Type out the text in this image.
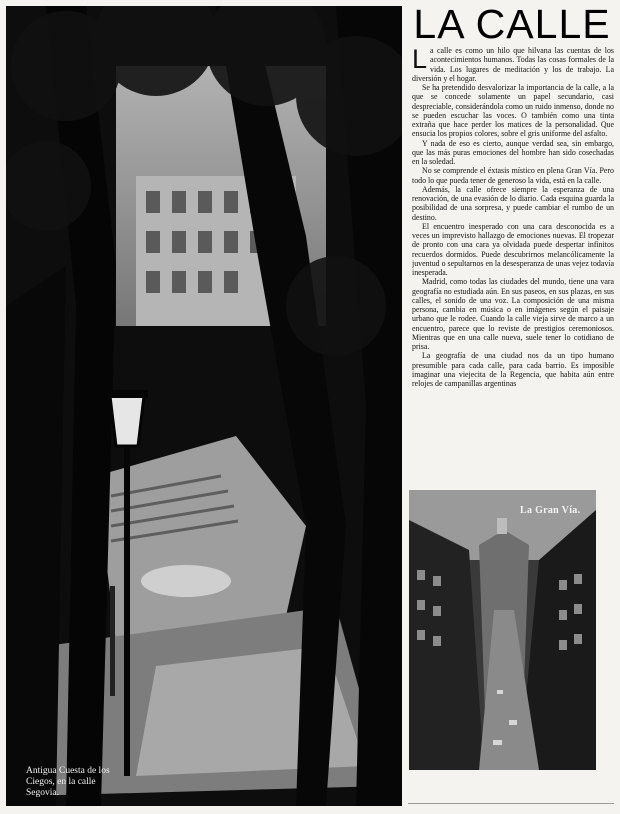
Antigua Cuesta de los Ciegos, en la calle Segovia.
LA CALLE

La calle es como un hilo que hilvana las cuentas de los acontecimientos humanos. Todas las cosas formales de la vida. Los lugares de meditación y los de trabajo. La diversión y el hogar.

Se ha pretendido desvalorizar la importancia de la calle, a la que se concede solamente un papel secundario, casi despreciable, considerándola como un ruido inmenso, donde no se pueden escuchar las voces. O también como una tinta extraña que hace perder los matices de la personalidad. Que ensucia los propios colores, sobre el gris uniforme del asfalto.

Y nada de eso es cierto, aunque verdad sea, sin embargo, que las más puras emociones del hombre han sido cosechadas en la soledad.

No se comprende el éxtasis místico en plena Gran Vía. Pero todo lo que pueda tener de generoso la vida, está en la calle.

Además, la calle ofrece siempre la esperanza de una renovación, de una evasión de lo diario. Cada esquina guarda la posibilidad de una sorpresa, y puede cambiar el rumbo de un destino.

El encuentro inesperado con una cara desconocida es a veces un imprevisto hallazgo de emociones nuevas. El tropezar de pronto con una cara ya olvidada puede despertar infinitos recuerdos dormidos. Puede descubrirnos melancólicamente la juventud o sepultarnos en la desesperanza de unas vejez todavía inesperada.

Madrid, como todas las ciudades del mundo, tiene una vara geografía no estudiada aún. En sus paseos, en sus plazas, en sus calles, el sonido de una voz. La composición de una misma persona, cambia en música o en imágenes según el paisaje urbano que le rodee. Cuando la calle vieja sirve de marco a un encuentro, parece que lo reviste de prestigios ceremoniosos. Mientras que en una calle nueva, suele tener lo cotidiano de prisa.

La geografía de una ciudad nos da un tipo humano presumible para cada calle, para cada barrio. Es imposible imaginar una viejecita de la Regencia, que habita aún entre relojes de campanillas argentinas

La Gran Vía.
